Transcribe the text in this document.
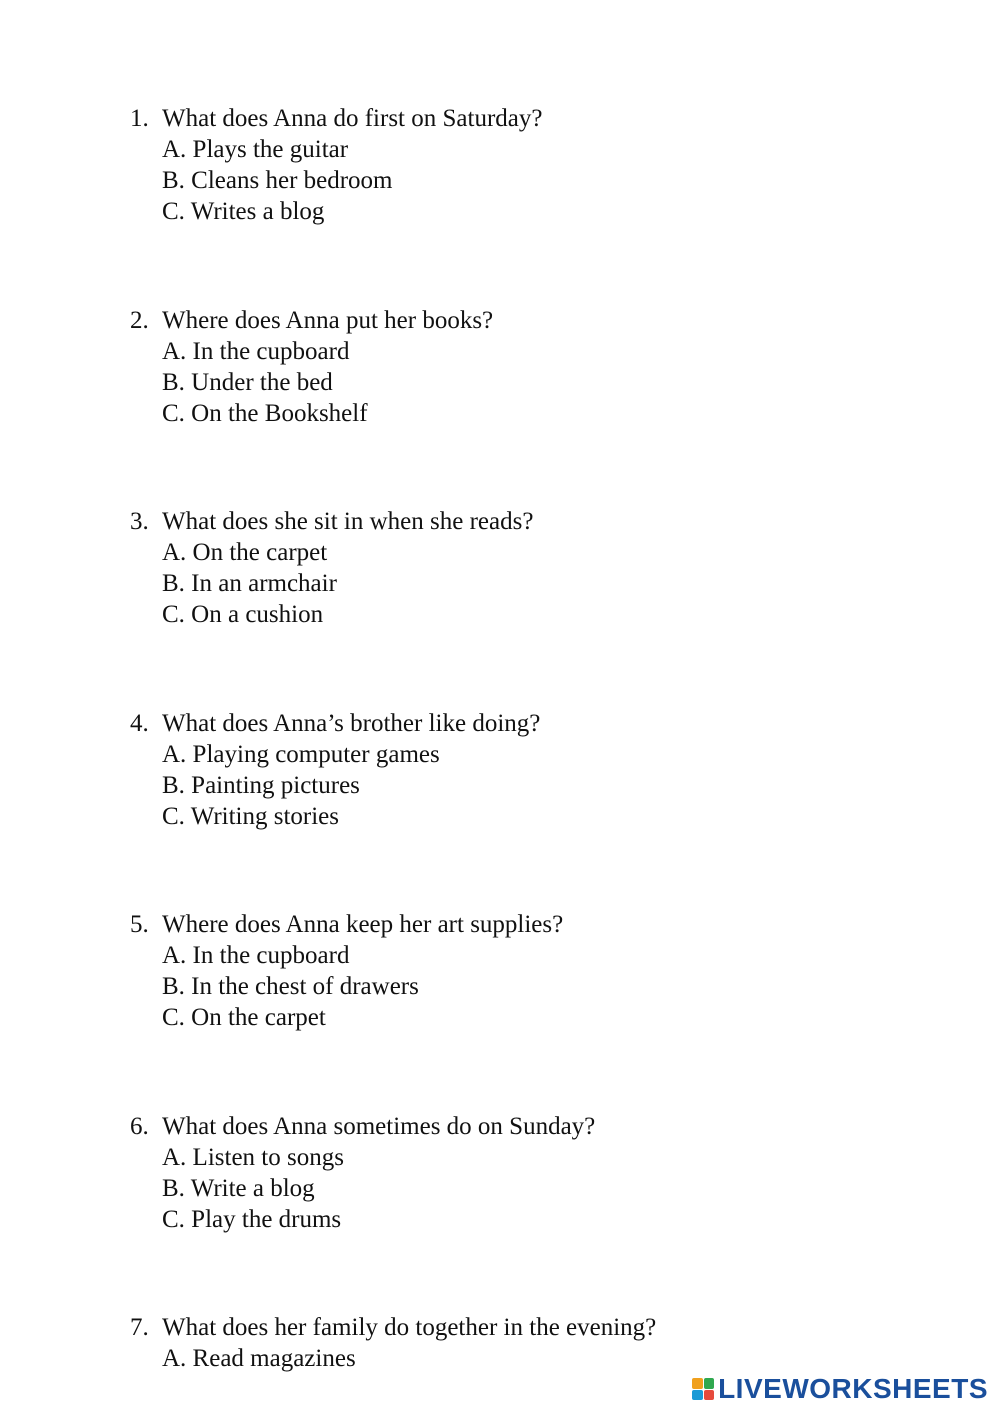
1. What does Anna do first on Saturday?
A. Plays the guitar
B. Cleans her bedroom
C. Writes a blog
2. Where does Anna put her books?
A. In the cupboard
B. Under the bed
C. On the Bookshelf
3. What does she sit in when she reads?
A. On the carpet
B. In an armchair
C. On a cushion
4. What does Anna’s brother like doing?
A. Playing computer games
B. Painting pictures
C. Writing stories
5. Where does Anna keep her art supplies?
A. In the cupboard
B. In the chest of drawers
C. On the carpet
6. What does Anna sometimes do on Sunday?
A. Listen to songs
B. Write a blog
C. Play the drums
7. What does her family do together in the evening?
A. Read magazines
LIVEWORKSHEETS
